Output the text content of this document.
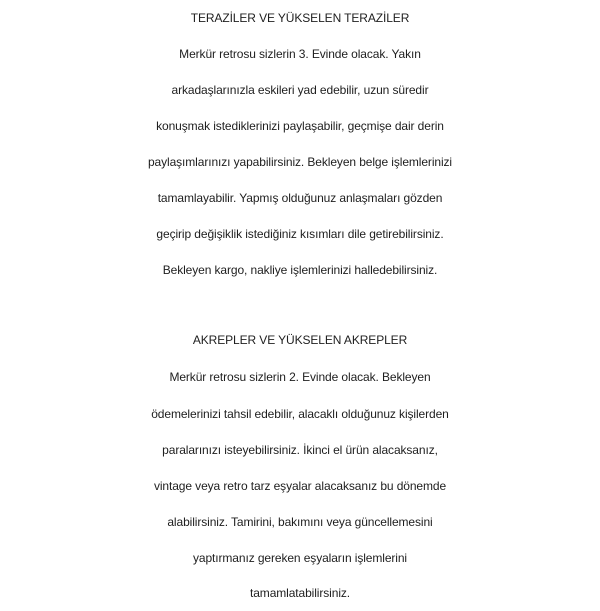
TERAZİLER VE YÜKSELEN TERAZİLER
Merkür retrosu sizlerin 3. Evinde olacak. Yakın
arkadaşlarınızla eskileri yad edebilir, uzun süredir
konuşmak istediklerinizi paylaşabilir, geçmişe dair derin
paylaşımlarınızı yapabilirsiniz. Bekleyen belge işlemlerinizi
tamamlayabilir. Yapmış olduğunuz anlaşmaları gözden
geçirip değişiklik istediğiniz kısımları dile getirebilirsiniz.
Bekleyen kargo, nakliye işlemlerinizi halledebilirsiniz.
AKREPLER VE YÜKSELEN AKREPLER
Merkür retrosu sizlerin 2. Evinde olacak. Bekleyen
ödemelerinizi tahsil edebilir, alacaklı olduğunuz kişilerden
paralarınızı isteyebilirsiniz. İkinci el ürün alacaksanız,
vintage veya retro tarz eşyalar alacaksanız bu dönemde
alabilirsiniz. Tamirini, bakımını veya güncellemesini
yaptırmanız gereken eşyaların işlemlerini
tamamlatabilirsiniz.
